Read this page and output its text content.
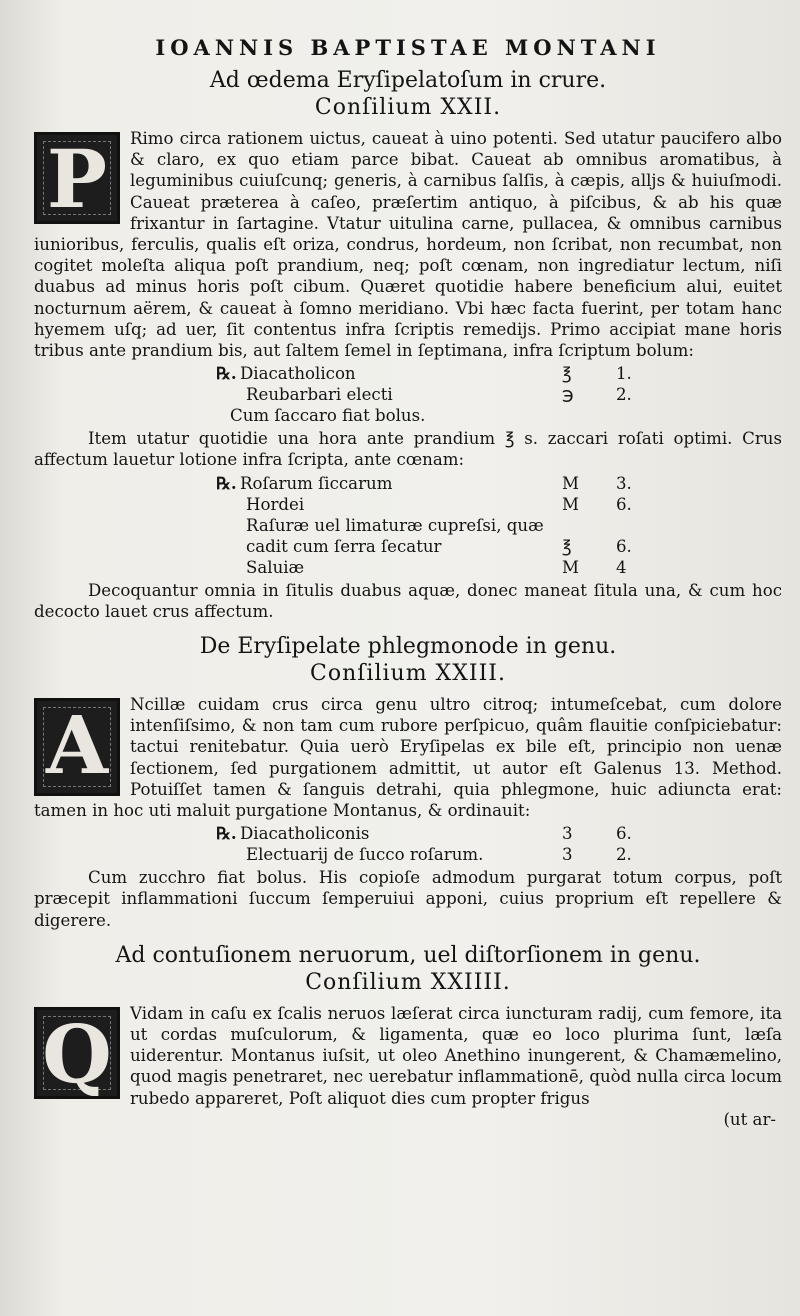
IOANNIS BAPTISTAE MONTANI

Ad œdema Eryſipelatoſum in crure.

Conſilium XXII.

P	Rimo circa rationem uictus, caueat à uino potenti. Sed utatur paucifero albo & claro, ex quo etiam parce bibat. Caueat ab omnibus aromatibus, à leguminibus cuiuſcunq; generis, à carnibus ſalſis, à cæpis, alljs & huiuſmodi. Caueat præterea à caſeo, præſertim antiquo, à piſcibus, & ab his quæ frixantur in ſartagine. Vtatur uitulina carne, pullacea, & omnibus carnibus iunioribus, ferculis, qualis eſt oriza, condrus, hordeum, non ſcribat, non recumbat, non cogitet moleſta aliqua poſt prandium, neq; poſt cœnam, non ingrediatur lectum, niſi duabus ad minus horis poſt cibum. Quæret quotidie habere beneficium alui, euitet nocturnum aërem, & caueat à ſomno meridiano. Vbi hæc facta fuerint, per totam hanc hyemem uſq; ad uer, ſit contentus infra ſcriptis remedijs. Primo accipiat mane horis tribus ante prandium bis, aut ſaltem ſemel in ſeptimana, infra ſcriptum bolum:

℞. Diacatholicon	℥	1.
Reubarbari electi	℈	2.
Cum ſaccaro fiat bolus.

Item utatur quotidie una hora ante prandium ℥ s. zaccari roſati optimi. Crus affectum lauetur lotione infra ſcripta, ante cœnam:

℞. Roſarum ſiccarum	M 3.
Hordei	M 6.
Raſuræ uel limaturæ cupreſsi, quæ
cadit cum ſerra ſecatur	℥	6.
Saluiæ	M 4

Decoquantur omnia in ſitulis duabus aquæ, donec maneat ſitula una, & cum hoc decocto lauet crus affectum.

De Eryſipelate phlegmonode in genu.

Conſilium XXIII.

A	Ncillæ cuidam crus circa genu ultro citroq; intumeſcebat, cum dolore intenſiſsimo, & non tam cum rubore perſpicuo, quâm flauitie conſpiciebatur: tactui renitebatur. Quia uerò Eryſipelas ex bile eſt, principio non uenæ ſectionem, ſed purgationem admittit, ut autor eſt Galenus 13. Method. Potuiſſet tamen & ſanguis detrahi, quia phlegmone, huic adiuncta erat: tamen in hoc uti maluit purgatione Montanus, & ordinauit:

℞. Diacatholiconis	3	6.
Electuarij de ſucco roſarum.	3	2.

Cum zucchro fiat bolus. His copioſe admodum purgarat totum corpus, poſt præcepit inflammationi ſuccum ſemperuiui apponi, cuius proprium eſt repellere & digerere.

Ad contuſionem neruorum, uel diſtorſionem in genu.

Conſilium XXIIII.

Q	Vidam in caſu ex ſcalis neruos læſerat circa iuncturam radij, cum femore, ita ut cordas muſculorum, & ligamenta, quæ eo loco plurima ſunt, læſa uiderentur. Montanus iuſsit, ut oleo Anethino inungerent, & Chamæmelino, quod magis penetraret, nec uerebatur inflammationē, quòd nulla circa locum rubedo appareret, Poſt aliquot dies cum propter frigus

(ut ar-
